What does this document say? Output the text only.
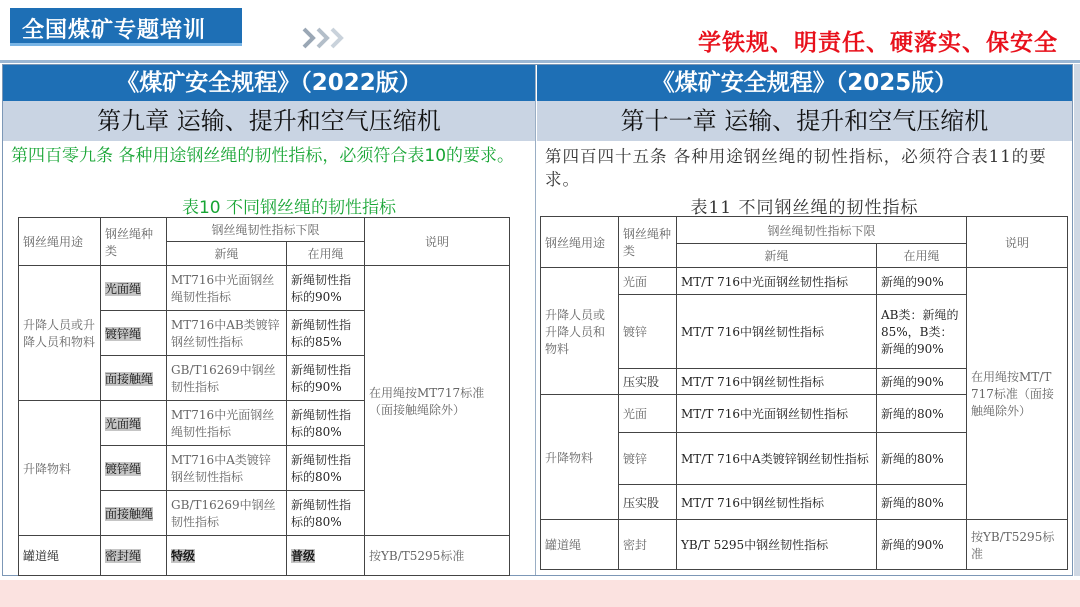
全国煤矿专题培训	学铁规、明责任、硬落实、保安全
《煤矿安全规程》（2022版）
第九章 运输、提升和空气压缩机
第四百零九条 各种用途钢丝绳的韧性指标，必须符合表10的要求。
表10 不同钢丝绳的韧性指标
钢丝绳用途	钢丝绳种类	钢丝绳韧性指标下限		说明
		新绳	在用绳	
升降人员或升降人员和物料	光面绳	MT716中光面钢丝绳韧性指标	新绳韧性指标的90%	在用绳按MT717标准（面接触绳除外）
	镀锌绳	MT716中AB类镀锌钢丝韧性指标	新绳韧性指标的85%	
	面接触绳	GB/T16269中钢丝韧性指标	新绳韧性指标的90%	
升降物料	光面绳	MT716中光面钢丝绳韧性指标	新绳韧性指标的80%	
	镀锌绳	MT716中A类镀锌钢丝韧性指标	新绳韧性指标的80%	
	面接触绳	GB/T16269中钢丝韧性指标	新绳韧性指标的80%	
罐道绳	密封绳	特级	普级	按YB/T5295标准
《煤矿安全规程》（2025版）
第十一章 运输、提升和空气压缩机
第四百四十五条 各种用途钢丝绳的韧性指标，必须符合表11的要求。
表11 不同钢丝绳的韧性指标
钢丝绳用途	钢丝绳种类	钢丝绳韧性指标下限		说明
		新绳	在用绳	
升降人员或升降人员和物料	光面	MT/T 716中光面钢丝韧性指标	新绳的90%	在用绳按MT/T 717标准（面接触绳除外）
	镀锌	MT/T 716中钢丝韧性指标	AB类：新绳的85%，B类：新绳的90%	
	压实股	MT/T 716中钢丝韧性指标	新绳的90%	
升降物料	光面	MT/T 716中光面钢丝韧性指标	新绳的80%	
	镀锌	MT/T 716中A类镀锌钢丝韧性指标	新绳的80%	
	压实股	MT/T 716中钢丝韧性指标	新绳的80%	
罐道绳	密封	YB/T 5295中钢丝韧性指标	新绳的90%	按YB/T5295标准
